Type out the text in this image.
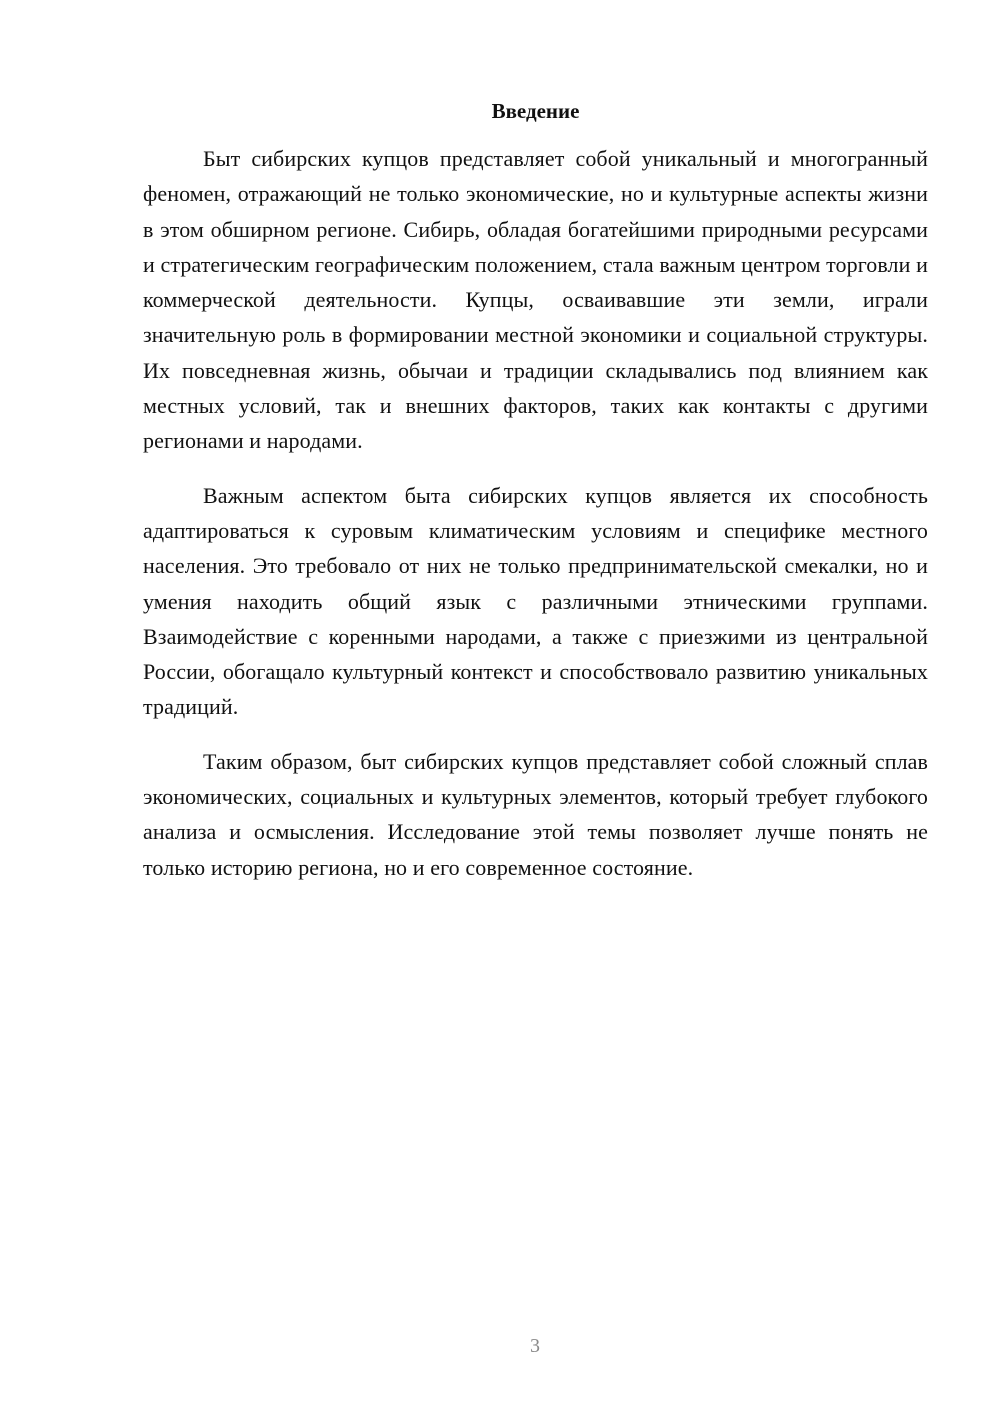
Введение

Быт сибирских купцов представляет собой уникальный и многогранный феномен, отражающий не только экономические, но и культурные аспекты жизни в этом обширном регионе. Сибирь, обладая богатейшими природными ресурсами и стратегическим географическим положением, стала важным центром торговли и коммерческой деятельности. Купцы, осваивавшие эти земли, играли значительную роль в формировании местной экономики и социальной структуры. Их повседневная жизнь, обычаи и традиции складывались под влиянием как местных условий, так и внешних факторов, таких как контакты с другими регионами и народами.

Важным аспектом быта сибирских купцов является их способность адаптироваться к суровым климатическим условиям и специфике местного населения. Это требовало от них не только предпринимательской смекалки, но и умения находить общий язык с различными этническими группами. Взаимодействие с коренными народами, а также с приезжими из центральной России, обогащало культурный контекст и способствовало развитию уникальных традиций.

Таким образом, быт сибирских купцов представляет собой сложный сплав экономических, социальных и культурных элементов, который требует глубокого анализа и осмысления. Исследование этой темы позволяет лучше понять не только историю региона, но и его современное состояние.

3
